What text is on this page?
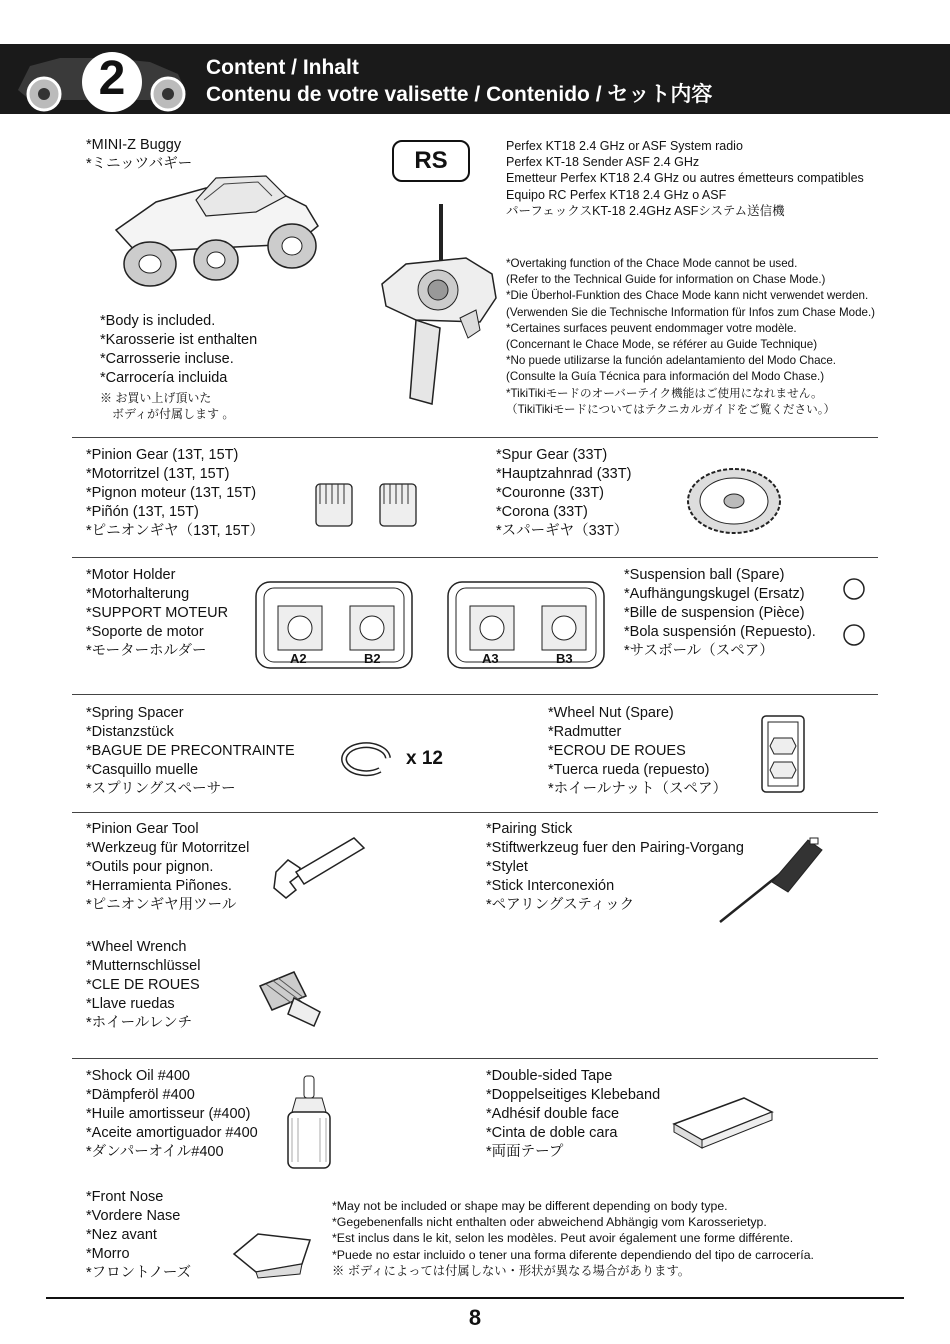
2	Content / Inhalt
Contenu de votre valisette / Contenido / セット内容
*MINI-Z Buggy
*ミニッツバギー
*Body is included.
*Karosserie ist enthalten
*Carrosserie incluse.
*Carrocería incluida
※ お買い上げ頂いた
　ボディが付属します 。
RS
Perfex KT18 2.4 GHz or ASF System radio
Perfex KT-18 Sender ASF 2.4 GHz
Emetteur Perfex KT18 2.4 GHz ou autres émetteurs compatibles
Equipo RC Perfex KT18 2.4 GHz o ASF
パーフェックスKT-18 2.4GHz ASFシステム送信機
*Overtaking function of the Chace Mode cannot be used.
(Refer to the Technical Guide for information on Chase Mode.)
*Die Überhol-Funktion des Chace Mode kann nicht verwendet werden.
(Verwenden Sie die Technische Information für Infos zum Chase Mode.)
*Certaines surfaces peuvent endommager votre modèle.
(Concernant le Chace Mode, se référer au Guide Technique)
*No puede utilizarse la función adelantamiento del Modo Chace.
(Consulte la Guía Técnica para información del Modo Chase.)
*TikiTikiモードのオーバーテイク機能はご使用になれません。
（TikiTikiモードについてはテクニカルガイドをご覧ください。）
*Pinion Gear (13T, 15T)
*Motorritzel (13T, 15T)
*Pignon moteur (13T, 15T)
*Piñón (13T, 15T)
*ピニオンギヤ（13T, 15T）
*Spur Gear (33T)
*Hauptzahnrad (33T)
*Couronne (33T)
*Corona (33T)
*スパーギヤ（33T）
*Motor Holder
*Motorhalterung
*SUPPORT MOTEUR
*Soporte de motor
*モーターホルダー	A2	B2	A3	B3
*Suspension ball (Spare)
*Aufhängungskugel (Ersatz)
*Bille de suspension (Pièce)
*Bola suspensión (Repuesto).
*サスボール（スペア）
*Spring Spacer
*Distanzstück
*BAGUE DE PRECONTRAINTE
*Casquillo muelle
*スプリングスペーサー
x 12
*Wheel Nut (Spare)
*Radmutter
*ECROU DE ROUES
*Tuerca rueda (repuesto)
*ホイールナット（スペア）
*Pinion Gear Tool
*Werkzeug für Motorritzel
*Outils pour pignon.
*Herramienta Piñones.
*ピニオンギヤ用ツール
*Pairing Stick
*Stiftwerkzeug fuer den Pairing-Vorgang
*Stylet
*Stick Interconexión
*ペアリングスティック
*Wheel Wrench
*Mutternschlüssel
*CLE DE ROUES
*Llave ruedas
*ホイールレンチ
*Shock Oil #400
*Dämpferöl #400
*Huile amortisseur (#400)
*Aceite amortiguador #400
*ダンパーオイル#400
*Double-sided Tape
*Doppelseitiges Klebeband
*Adhésif double face
*Cinta de doble cara
*両面テープ
*Front Nose
*Vordere Nase
*Nez avant
*Morro
*フロントノーズ
*May not be included or shape may be different depending on body type.
*Gegebenenfalls nicht enthalten oder abweichend Abhängig vom Karosserietyp.
*Est inclus dans le kit, selon les modèles. Peut avoir également une forme différente.
*Puede no estar incluido o tener una forma diferente dependiendo del tipo de carrocería.
※ ボディによっては付属しない・形状が異なる場合があります。
8
